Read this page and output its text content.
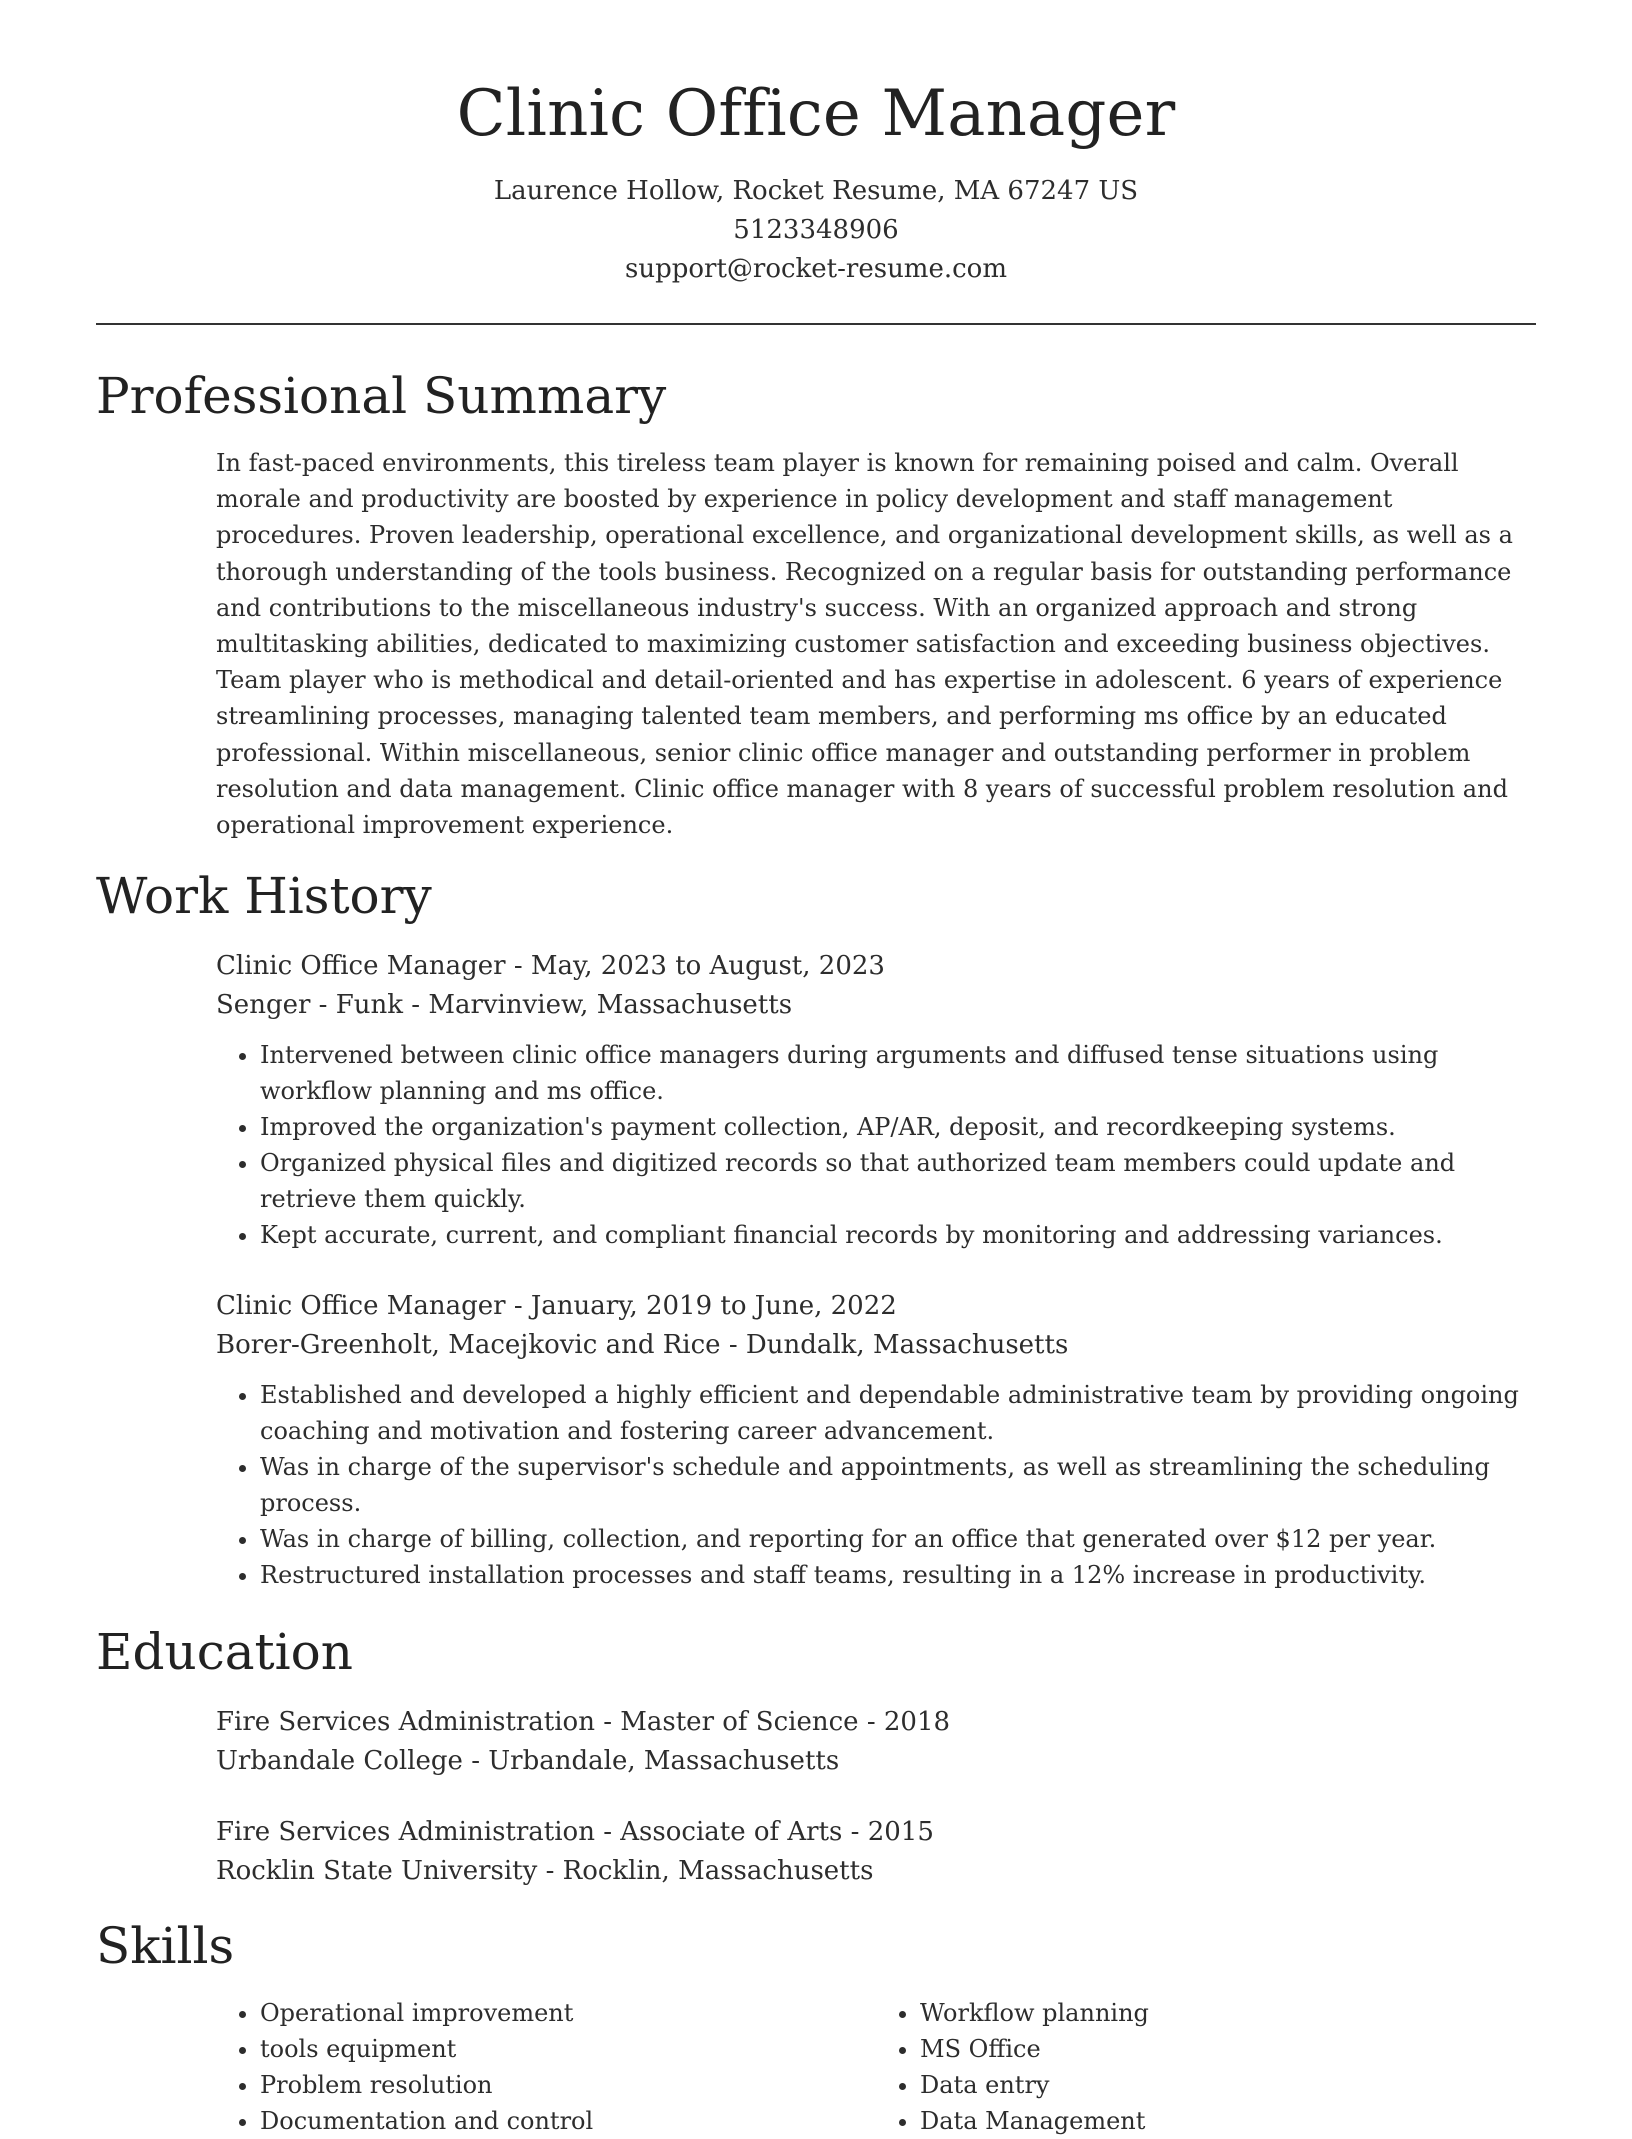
Clinic Office Manager
Laurence Hollow, Rocket Resume, MA 67247 US
5123348906
support@rocket-resume.com
Professional Summary

In fast-paced environments, this tireless team player is known for remaining poised and calm. Overall morale and productivity are boosted by experience in policy development and staff management procedures. Proven leadership, operational excellence, and organizational development skills, as well as a thorough understanding of the tools business. Recognized on a regular basis for outstanding performance and contributions to the miscellaneous industry's success. With an organized approach and strong multitasking abilities, dedicated to maximizing customer satisfaction and exceeding business objectives. Team player who is methodical and detail-oriented and has expertise in adolescent. 6 years of experience streamlining processes, managing talented team members, and performing ms office by an educated professional. Within miscellaneous, senior clinic office manager and outstanding performer in problem resolution and data management. Clinic office manager with 8 years of successful problem resolution and operational improvement experience.

Work History
Clinic Office Manager - May, 2023 to August, 2023
Senger - Funk - Marvinview, Massachusetts
• Intervened between clinic office managers during arguments and diffused tense situations using workflow planning and ms office.
• Improved the organization's payment collection, AP/AR, deposit, and recordkeeping systems.
• Organized physical files and digitized records so that authorized team members could update and retrieve them quickly.
• Kept accurate, current, and compliant financial records by monitoring and addressing variances.
Clinic Office Manager - January, 2019 to June, 2022
Borer-Greenholt, Macejkovic and Rice - Dundalk, Massachusetts
• Established and developed a highly efficient and dependable administrative team by providing ongoing coaching and motivation and fostering career advancement.
• Was in charge of the supervisor's schedule and appointments, as well as streamlining the scheduling process.
• Was in charge of billing, collection, and reporting for an office that generated over $12 per year.
• Restructured installation processes and staff teams, resulting in a 12% increase in productivity.
Education
Fire Services Administration - Master of Science - 2018
Urbandale College - Urbandale, Massachusetts
Fire Services Administration - Associate of Arts - 2015
Rocklin State University - Rocklin, Massachusetts
Skills
• Operational improvement
• tools equipment
• Problem resolution
• Documentation and control
• Workflow planning
• MS Office
• Data entry
• Data Management
